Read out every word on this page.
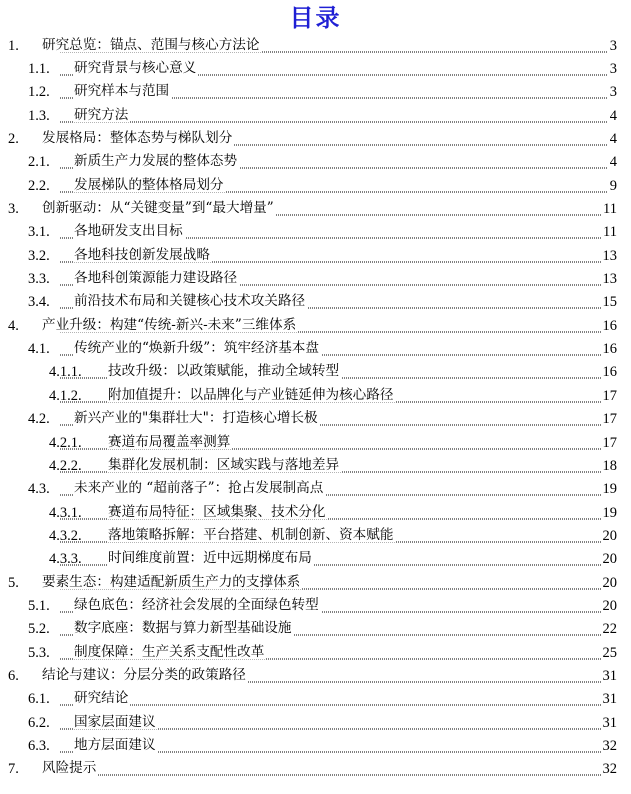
目录
1. 研究总览：锚点、范围与核心方法论	3
1.1. 研究背景与核心意义	3
1.2. 研究样本与范围	3
1.3. 研究方法	4
2. 发展格局：整体态势与梯队划分	4
2.1. 新质生产力发展的整体态势	4
2.2. 发展梯队的整体格局划分	9
3. 创新驱动：从“关键变量”到“最大增量”	11
3.1. 各地研发支出目标	11
3.2. 各地科技创新发展战略	13
3.3. 各地科创策源能力建设路径	13
3.4. 前沿技术布局和关键核心技术攻关路径	15
4. 产业升级：构建“传统-新兴-未来”三维体系	16
4.1. 传统产业的“焕新升级”：筑牢经济基本盘	16
4.1.1. 技改升级：以政策赋能，推动全域转型	16
4.1.2. 附加值提升：以品牌化与产业链延伸为核心路径	17
4.2. 新兴产业的"集群壮大"：打造核心增长极	17
4.2.1. 赛道布局覆盖率测算	17
4.2.2. 集群化发展机制：区域实践与落地差异	18
4.3. 未来产业的 “超前落子”：抢占发展制高点	19
4.3.1. 赛道布局特征：区域集聚、技术分化	19
4.3.2. 落地策略拆解：平台搭建、机制创新、资本赋能	20
4.3.3. 时间维度前置：近中远期梯度布局	20
5. 要素生态：构建适配新质生产力的支撑体系	20
5.1. 绿色底色：经济社会发展的全面绿色转型	20
5.2. 数字底座：数据与算力新型基础设施	22
5.3. 制度保障：生产关系支配性改革	25
6. 结论与建议：分层分类的政策路径	31
6.1. 研究结论	31
6.2. 国家层面建议	31
6.3. 地方层面建议	32
7. 风险提示	32
